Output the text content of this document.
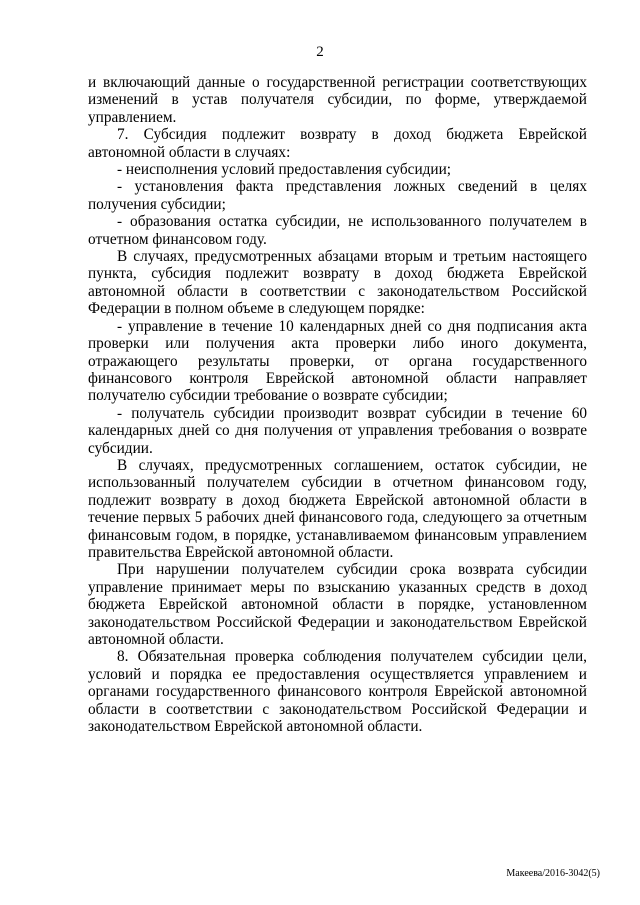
2

и включающий данные о государственной регистрации соответствующих изменений в устав получателя субсидии, по форме, утверждаемой управлением.

7. Субсидия подлежит возврату в доход бюджета Еврейской автономной области в случаях:

- неисполнения условий предоставления субсидии;

- установления факта представления ложных сведений в целях получения субсидии;

- образования остатка субсидии, не использованного получателем в отчетном финансовом году.

В случаях, предусмотренных абзацами вторым и третьим настоящего пункта, субсидия подлежит возврату в доход бюджета Еврейской автономной области в соответствии с законодательством Российской Федерации в полном объеме в следующем порядке:

- управление в течение 10 календарных дней со дня подписания акта проверки или получения акта проверки либо иного документа, отражающего результаты проверки, от органа государственного финансового контроля Еврейской автономной области направляет получателю субсидии требование о возврате субсидии;

- получатель субсидии производит возврат субсидии в течение 60 календарных дней со дня получения от управления требования о возврате субсидии.

В случаях, предусмотренных соглашением, остаток субсидии, не использованный получателем субсидии в отчетном финансовом году, подлежит возврату в доход бюджета Еврейской автономной области в течение первых 5 рабочих дней финансового года, следующего за отчетным финансовым годом, в порядке, устанавливаемом финансовым управлением правительства Еврейской автономной области.

При нарушении получателем субсидии срока возврата субсидии управление принимает меры по взысканию указанных средств в доход бюджета Еврейской автономной области в порядке, установленном законодательством Российской Федерации и законодательством Еврейской автономной области.

8. Обязательная проверка соблюдения получателем субсидии цели, условий и порядка ее предоставления осуществляется управлением и органами государственного финансового контроля Еврейской автономной области в соответствии с законодательством Российской Федерации и законодательством Еврейской автономной области.

Макеева/2016-3042(5)
